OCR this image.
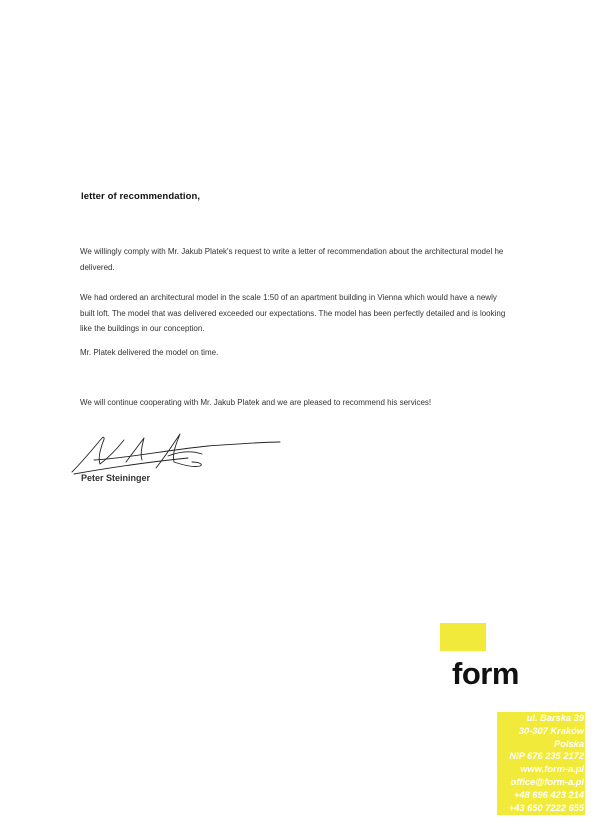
letter of recommendation,
We willingly comply with Mr. Jakub Platek's request to write a letter of recommendation about the architectural model he delivered.
We had ordered an architectural model in the scale 1:50 of an apartment building in Vienna which would have a newly built loft. The model that was delivered exceeded our expectations. The model has been perfectly detailed and is looking like the buildings in our conception.
Mr. Platek delivered the model on time.
We will continue cooperating with Mr. Jakub Platek and we are pleased to recommend his services!
Peter Steininger
form
ul. Barska 39
30-307 Kraków
Polska
NIP 676 235 2172
www.form-a.pl
office@form-a.pl
+48 696 423 214
+43 650 7222 655
